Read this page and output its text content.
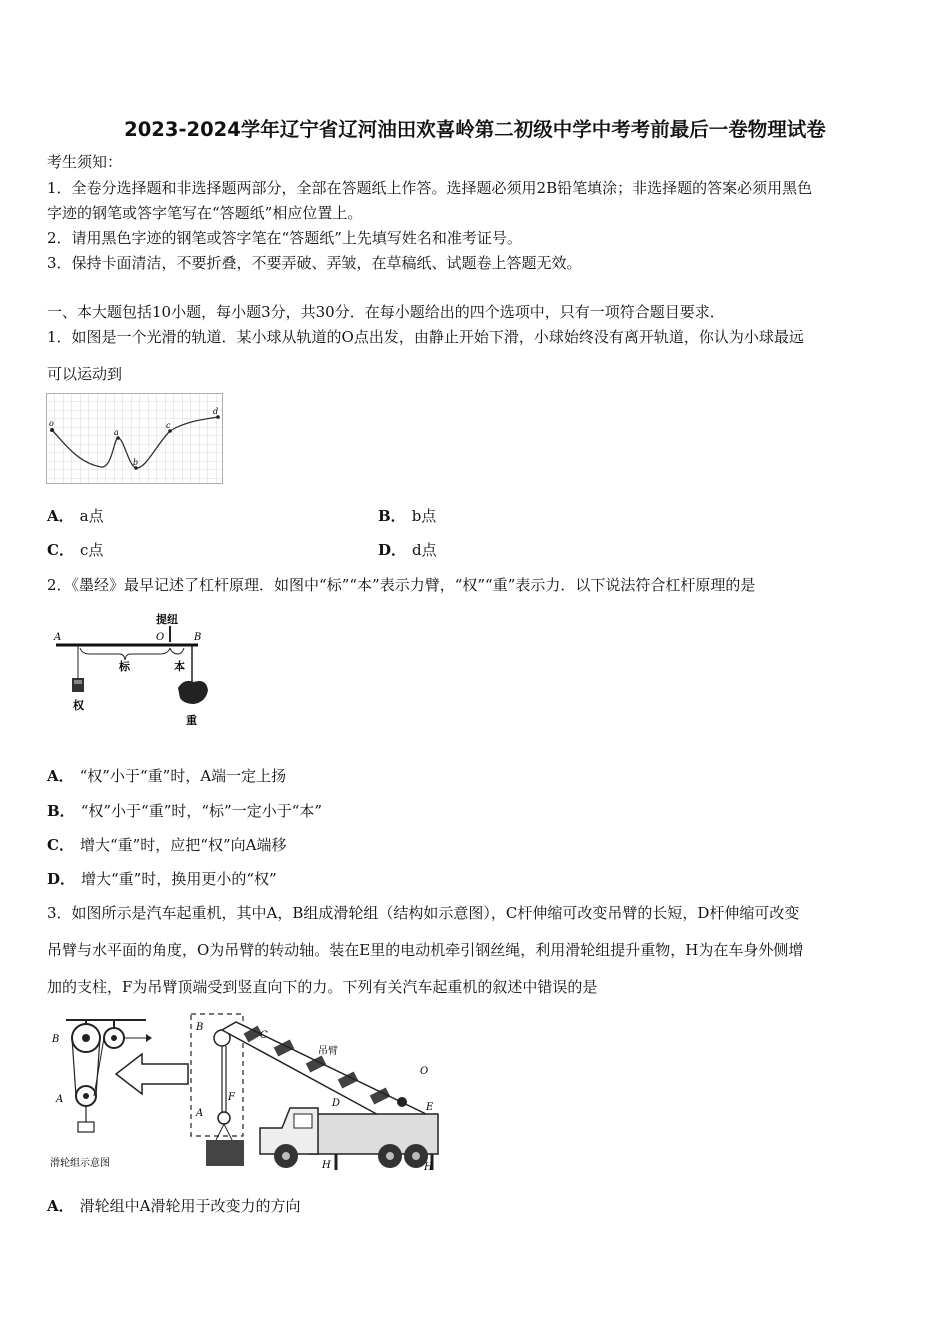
2023-2024学年辽宁省辽河油田欢喜岭第二初级中学中考考前最后一卷物理试卷
考生须知：
1．全卷分选择题和非选择题两部分，全部在答题纸上作答。选择题必须用2B铅笔填涂；非选择题的答案必须用黑色
字迹的钢笔或答字笔写在“答题纸”相应位置上。
2．请用黑色字迹的钢笔或答字笔在“答题纸”上先填写姓名和准考证号。
3．保持卡面清洁，不要折叠，不要弄破、弄皱，在草稿纸、试题卷上答题无效。
一、本大题包括10小题，每小题3分，共30分．在每小题给出的四个选项中，只有一项符合题目要求．
1．如图是一个光滑的轨道．某小球从轨道的O点出发，由静止开始下滑，小球始终没有离开轨道，你认为小球最远
可以运动到
o
a
b
c
d
A． a点	B． b点
C． c点	D． d点
2．《墨经》最早记述了杠杆原理．如图中“标”“本”表示力臂，“权”“重”表示力．以下说法符合杠杆原理的是
提纽
A	O	B
标	本
权
重
A． “权”小于“重”时，A端一定上扬
B． “权”小于“重”时，“标”一定小于“本”
C． 增大“重”时，应把“权”向A端移
D． 增大“重”时，换用更小的“权”
3．如图所示是汽车起重机，其中A，B组成滑轮组（结构如示意图），C杆伸缩可改变吊臂的长短，D杆伸缩可改变
吊臂与水平面的角度，O为吊臂的转动轴。装在E里的电动机牵引钢丝绳，利用滑轮组提升重物，H为在车身外侧增
加的支柱，F为吊臂顶端受到竖直向下的力。下列有关汽车起重机的叙述中错误的是
B
A
滑轮组示意图
B
A
F
C
吊臂
O
D	E
H	H
A． 滑轮组中A滑轮用于改变力的方向
